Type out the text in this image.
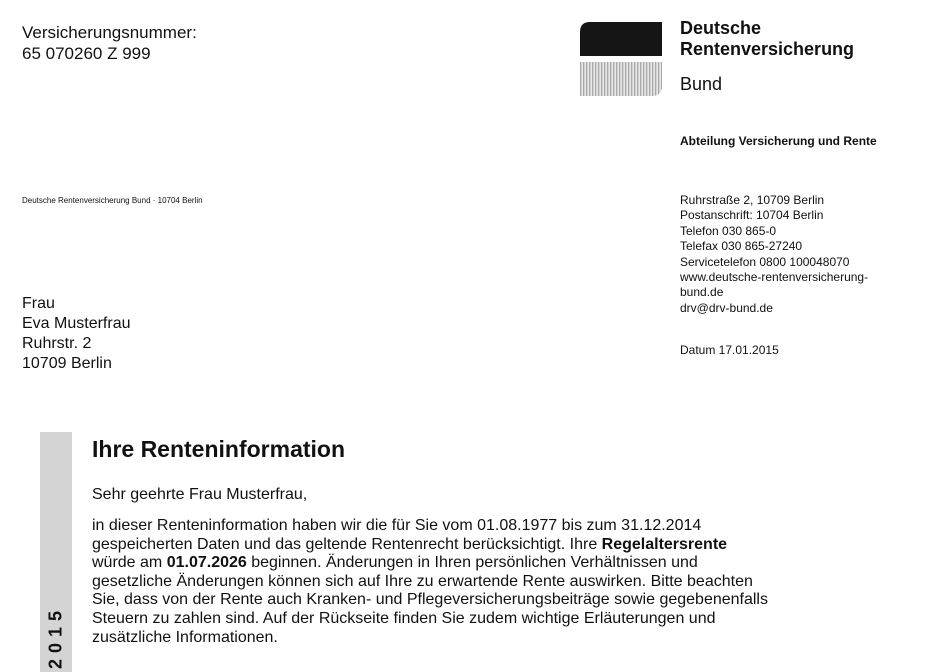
Versicherungsnummer:
65 070260 Z 999
Deutsche
Rentenversicherung
Bund
Abteilung Versicherung und Rente
Deutsche Rentenversicherung Bund · 10704 Berlin	Ruhrstraße 2, 10709 Berlin
Postanschrift: 10704 Berlin
Telefon 030 865-0
Telefax 030 865-27240
Servicetelefon 0800 100048070
www.deutsche-rentenversicherung-
bund.de
drv@drv-bund.de
Datum 17.01.2015
Frau
Eva Musterfrau
Ruhrstr. 2
10709 Berlin
2015
Ihre Renteninformation
Sehr geehrte Frau Musterfrau,
in dieser Renteninformation haben wir die für Sie vom 01.08.1977 bis zum 31.12.2014
gespeicherten Daten und das geltende Rentenrecht berücksichtigt. Ihre Regelaltersrente
würde am 01.07.2026 beginnen. Änderungen in Ihren persönlichen Verhältnissen und
gesetzliche Änderungen können sich auf Ihre zu erwartende Rente auswirken. Bitte beachten
Sie, dass von der Rente auch Kranken- und Pflegeversicherungsbeiträge sowie gegebenenfalls
Steuern zu zahlen sind. Auf der Rückseite finden Sie zudem wichtige Erläuterungen und
zusätzliche Informationen.
